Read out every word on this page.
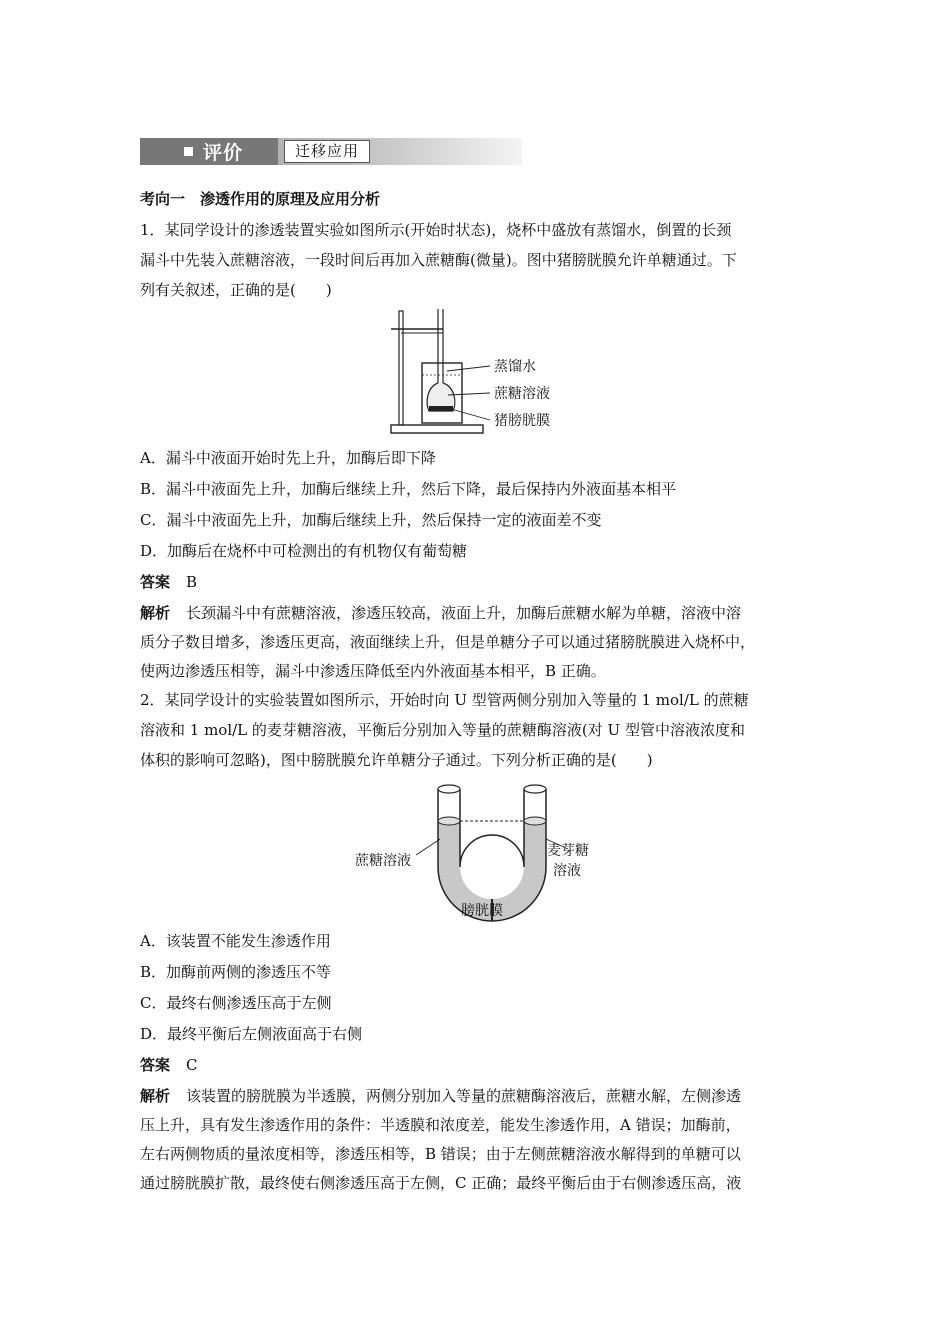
评价	迁移应用
考向一　渗透作用的原理及应用分析
1．某同学设计的渗透装置实验如图所示(开始时状态)，烧杯中盛放有蒸馏水，倒置的长颈
漏斗中先装入蔗糖溶液，一段时间后再加入蔗糖酶(微量)。图中猪膀胱膜允许单糖通过。下
列有关叙述，正确的是(　　)
蒸馏水
蔗糖溶液
猪膀胱膜
A．漏斗中液面开始时先上升，加酶后即下降
B．漏斗中液面先上升，加酶后继续上升，然后下降，最后保持内外液面基本相平
C．漏斗中液面先上升，加酶后继续上升，然后保持一定的液面差不变
D．加酶后在烧杯中可检测出的有机物仅有葡萄糖
答案 B
解析 长颈漏斗中有蔗糖溶液，渗透压较高，液面上升，加酶后蔗糖水解为单糖，溶液中溶
质分子数目增多，渗透压更高，液面继续上升，但是单糖分子可以通过猪膀胱膜进入烧杯中，
使两边渗透压相等，漏斗中渗透压降低至内外液面基本相平，B 正确。
2．某同学设计的实验装置如图所示，开始时向 U 型管两侧分别加入等量的 1 mol/L 的蔗糖
溶液和 1 mol/L 的麦芽糖溶液，平衡后分别加入等量的蔗糖酶溶液(对 U 型管中溶液浓度和
体积的影响可忽略)，图中膀胱膜允许单糖分子通过。下列分析正确的是(　　)
蔗糖溶液
麦芽糖
溶液
膀胱膜
A．该装置不能发生渗透作用
B．加酶前两侧的渗透压不等
C．最终右侧渗透压高于左侧
D．最终平衡后左侧液面高于右侧
答案 C
解析 该装置的膀胱膜为半透膜，两侧分别加入等量的蔗糖酶溶液后，蔗糖水解，左侧渗透
压上升，具有发生渗透作用的条件：半透膜和浓度差，能发生渗透作用，A 错误；加酶前，
左右两侧物质的量浓度相等，渗透压相等，B 错误；由于左侧蔗糖溶液水解得到的单糖可以
通过膀胱膜扩散，最终使右侧渗透压高于左侧，C 正确；最终平衡后由于右侧渗透压高，液
